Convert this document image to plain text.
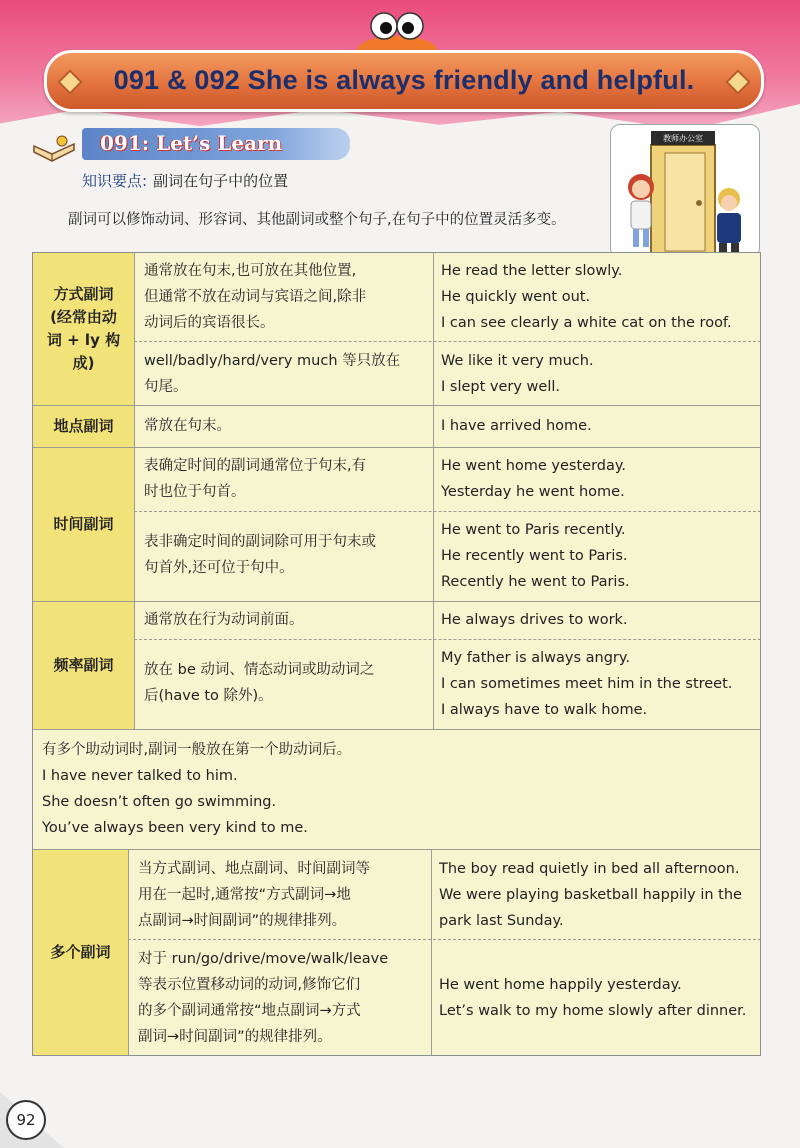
091 & 092 She is always friendly and helpful.
091: Let’s Learn
知识要点: 副词在句子中的位置
副词可以修饰动词、形容词、其他副词或整个句子,在句子中的位置灵活多变。
教师办公室
方式副词
(经常由动
词 + ly 构
成)
地点副词
时间副词
频率副词
多个副词
通常放在句末,也可放在其他位置,
但通常不放在动词与宾语之间,除非
动词后的宾语很长。
He read the letter slowly.
He quickly went out.
I can see clearly a white cat on the roof.
well/badly/hard/very much 等只放在
句尾。
We like it very much.
I slept very well.
常放在句末。	I have arrived home.
表确定时间的副词通常位于句末,有
时也位于句首。
He went home yesterday.
Yesterday he went home.
表非确定时间的副词除可用于句末或
句首外,还可位于句中。
He went to Paris recently.
He recently went to Paris.
Recently he went to Paris.
通常放在行为动词前面。	He always drives to work.
放在 be 动词、情态动词或助动词之
后(have to 除外)。
My father is always angry.
I can sometimes meet him in the street.
I always have to walk home.
有多个助动词时,副词一般放在第一个助动词后。
I have never talked to him.
She doesn’t often go swimming.
You’ve always been very kind to me.
当方式副词、地点副词、时间副词等
用在一起时,通常按“方式副词→地
点副词→时间副词”的规律排列。
The boy read quietly in bed all afternoon.
We were playing basketball happily in the
park last Sunday.
对于 run/go/drive/move/walk/leave
等表示位置移动词的动词,修饰它们
的多个副词通常按“地点副词→方式
副词→时间副词”的规律排列。
He went home happily yesterday.
Let’s walk to my home slowly after dinner.
92
